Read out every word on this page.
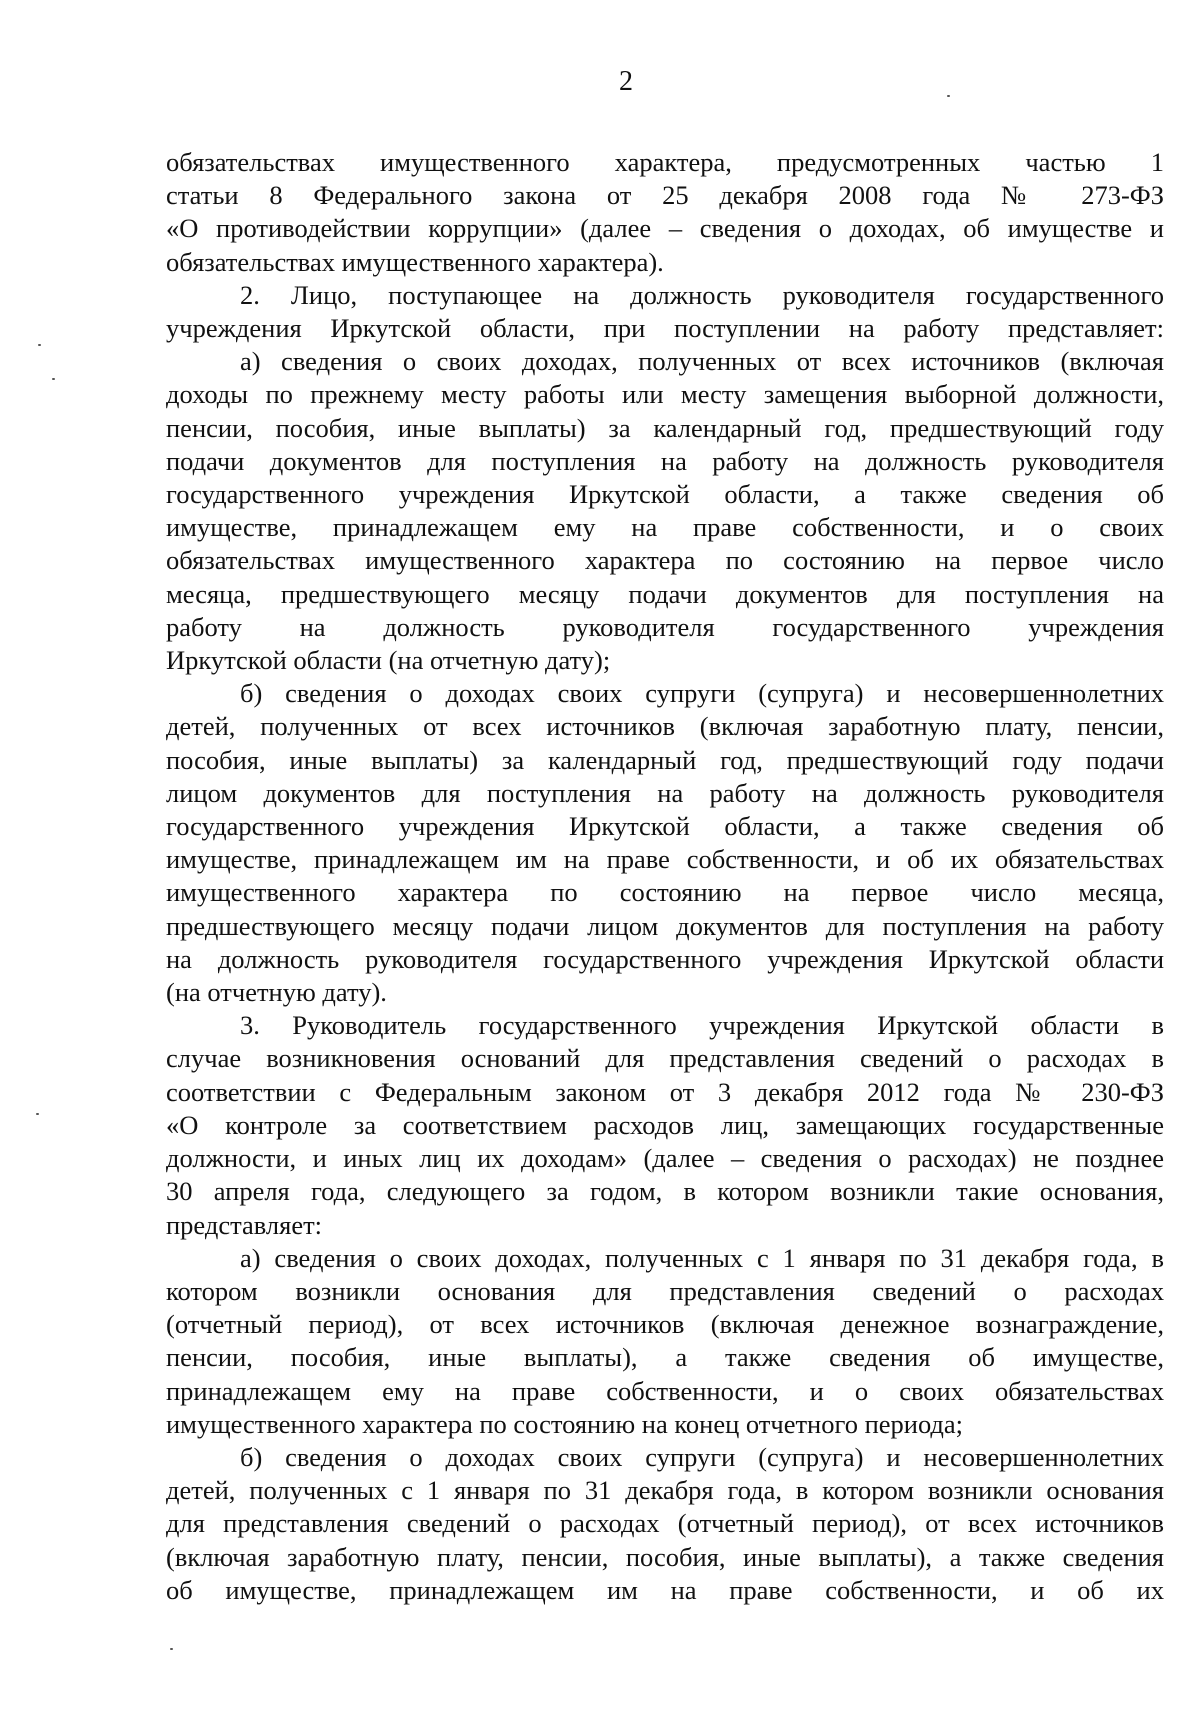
2
обязательствах имущественного характера, предусмотренных частью 1
статьи 8 Федерального закона от 25 декабря 2008 года № 273-ФЗ
«О противодействии коррупции» (далее – сведения о доходах, об имуществе и
обязательствах имущественного характера).
2. Лицо, поступающее на должность руководителя государственного
учреждения Иркутской области, при поступлении на работу представляет:
а) сведения о своих доходах, полученных от всех источников (включая
доходы по прежнему месту работы или месту замещения выборной должности,
пенсии, пособия, иные выплаты) за календарный год, предшествующий году
подачи документов для поступления на работу на должность руководителя
государственного учреждения Иркутской области, а также сведения об
имуществе, принадлежащем ему на праве собственности, и о своих
обязательствах имущественного характера по состоянию на первое число
месяца, предшествующего месяцу подачи документов для поступления на
работу на должность руководителя государственного учреждения
Иркутской области (на отчетную дату);
б) сведения о доходах своих супруги (супруга) и несовершеннолетних
детей, полученных от всех источников (включая заработную плату, пенсии,
пособия, иные выплаты) за календарный год, предшествующий году подачи
лицом документов для поступления на работу на должность руководителя
государственного учреждения Иркутской области, а также сведения об
имуществе, принадлежащем им на праве собственности, и об их обязательствах
имущественного характера по состоянию на первое число месяца,
предшествующего месяцу подачи лицом документов для поступления на работу
на должность руководителя государственного учреждения Иркутской области
(на отчетную дату).
3. Руководитель государственного учреждения Иркутской области в
случае возникновения оснований для представления сведений о расходах в
соответствии с Федеральным законом от 3 декабря 2012 года № 230-ФЗ
«О контроле за соответствием расходов лиц, замещающих государственные
должности, и иных лиц их доходам» (далее – сведения о расходах) не позднее
30 апреля года, следующего за годом, в котором возникли такие основания,
представляет:
а) сведения о своих доходах, полученных с 1 января по 31 декабря года, в
котором возникли основания для представления сведений о расходах
(отчетный период), от всех источников (включая денежное вознаграждение,
пенсии, пособия, иные выплаты), а также сведения об имуществе,
принадлежащем ему на праве собственности, и о своих обязательствах
имущественного характера по состоянию на конец отчетного периода;
б) сведения о доходах своих супруги (супруга) и несовершеннолетних
детей, полученных с 1 января по 31 декабря года, в котором возникли основания
для представления сведений о расходах (отчетный период), от всех источников
(включая заработную плату, пенсии, пособия, иные выплаты), а также сведения
об имуществе, принадлежащем им на праве собственности, и об их
